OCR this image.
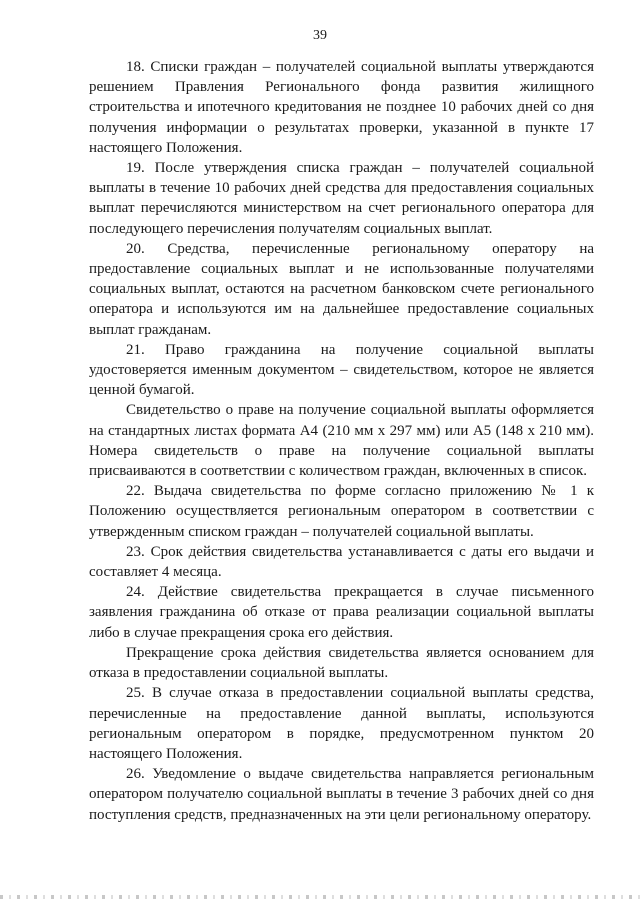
39

18. Списки граждан – получателей социальной выплаты утверждаются решением Правления Регионального фонда развития жилищного строительства и ипотечного кредитования не позднее 10 рабочих дней со дня получения информации о результатах проверки, указанной в пункте 17 настоящего Положения.

19. После утверждения списка граждан – получателей социальной выплаты в течение 10 рабочих дней средства для предоставления социальных выплат перечисляются министерством на счет регионального оператора для последующего перечисления получателям социальных выплат.

20. Средства, перечисленные региональному оператору на предоставление социальных выплат и не использованные получателями социальных выплат, остаются на расчетном банковском счете регионального оператора и используются им на дальнейшее предоставление социальных выплат гражданам.

21. Право гражданина на получение социальной выплаты удостоверяется именным документом – свидетельством, которое не является ценной бумагой.

Свидетельство о праве на получение социальной выплаты оформляется на стандартных листах формата А4 (210 мм х 297 мм) или А5 (148 х 210 мм). Номера свидетельств о праве на получение социальной выплаты присваиваются в соответствии с количеством граждан, включенных в список.

22. Выдача свидетельства по форме согласно приложению № 1 к Положению осуществляется региональным оператором в соответствии с утвержденным списком граждан – получателей социальной выплаты.

23. Срок действия свидетельства устанавливается с даты его выдачи и составляет 4 месяца.

24. Действие свидетельства прекращается в случае письменного заявления гражданина об отказе от права реализации социальной выплаты либо в случае прекращения срока его действия.

Прекращение срока действия свидетельства является основанием для отказа в предоставлении социальной выплаты.

25. В случае отказа в предоставлении социальной выплаты средства, перечисленные на предоставление данной выплаты, используются региональным оператором в порядке, предусмотренном пунктом 20 настоящего Положения.

26. Уведомление о выдаче свидетельства направляется региональным оператором получателю социальной выплаты в течение 3 рабочих дней со дня поступления средств, предназначенных на эти цели региональному оператору.
